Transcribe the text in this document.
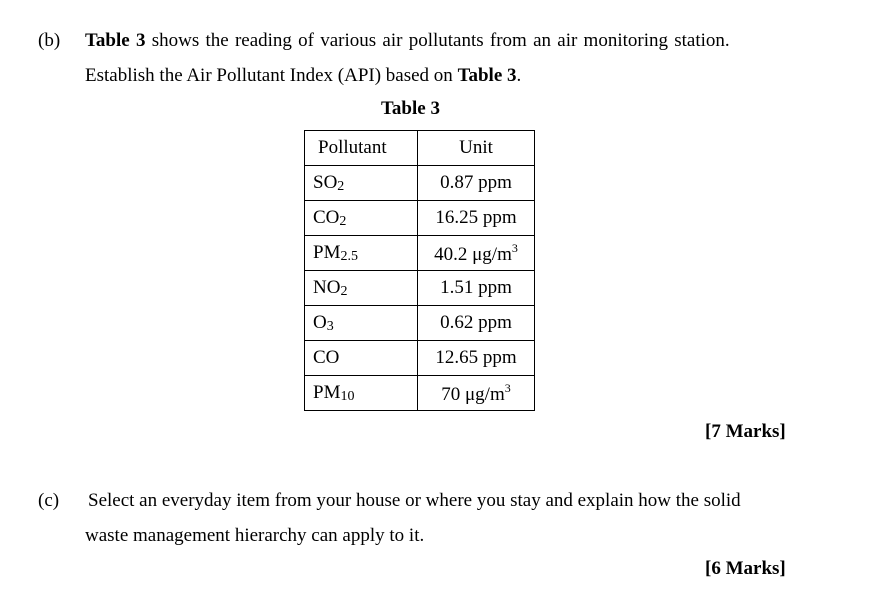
(b) Table 3 shows the reading of various air pollutants from an air monitoring station.
Establish the Air Pollutant Index (API) based on Table 3.
Table 3
Pollutant	Unit
SO2	0.87 ppm
CO2	16.25 ppm
PM2.5	40.2 $\mu g/m^3$
NO2	1.51 ppm
O3	0.62 ppm
CO	12.65 ppm
PM10	70 $\mu g/m^3$
[7 Marks]
(c) Select an everyday item from your house or where you stay and explain how the solid
waste management hierarchy can apply to it.
[6 Marks]
